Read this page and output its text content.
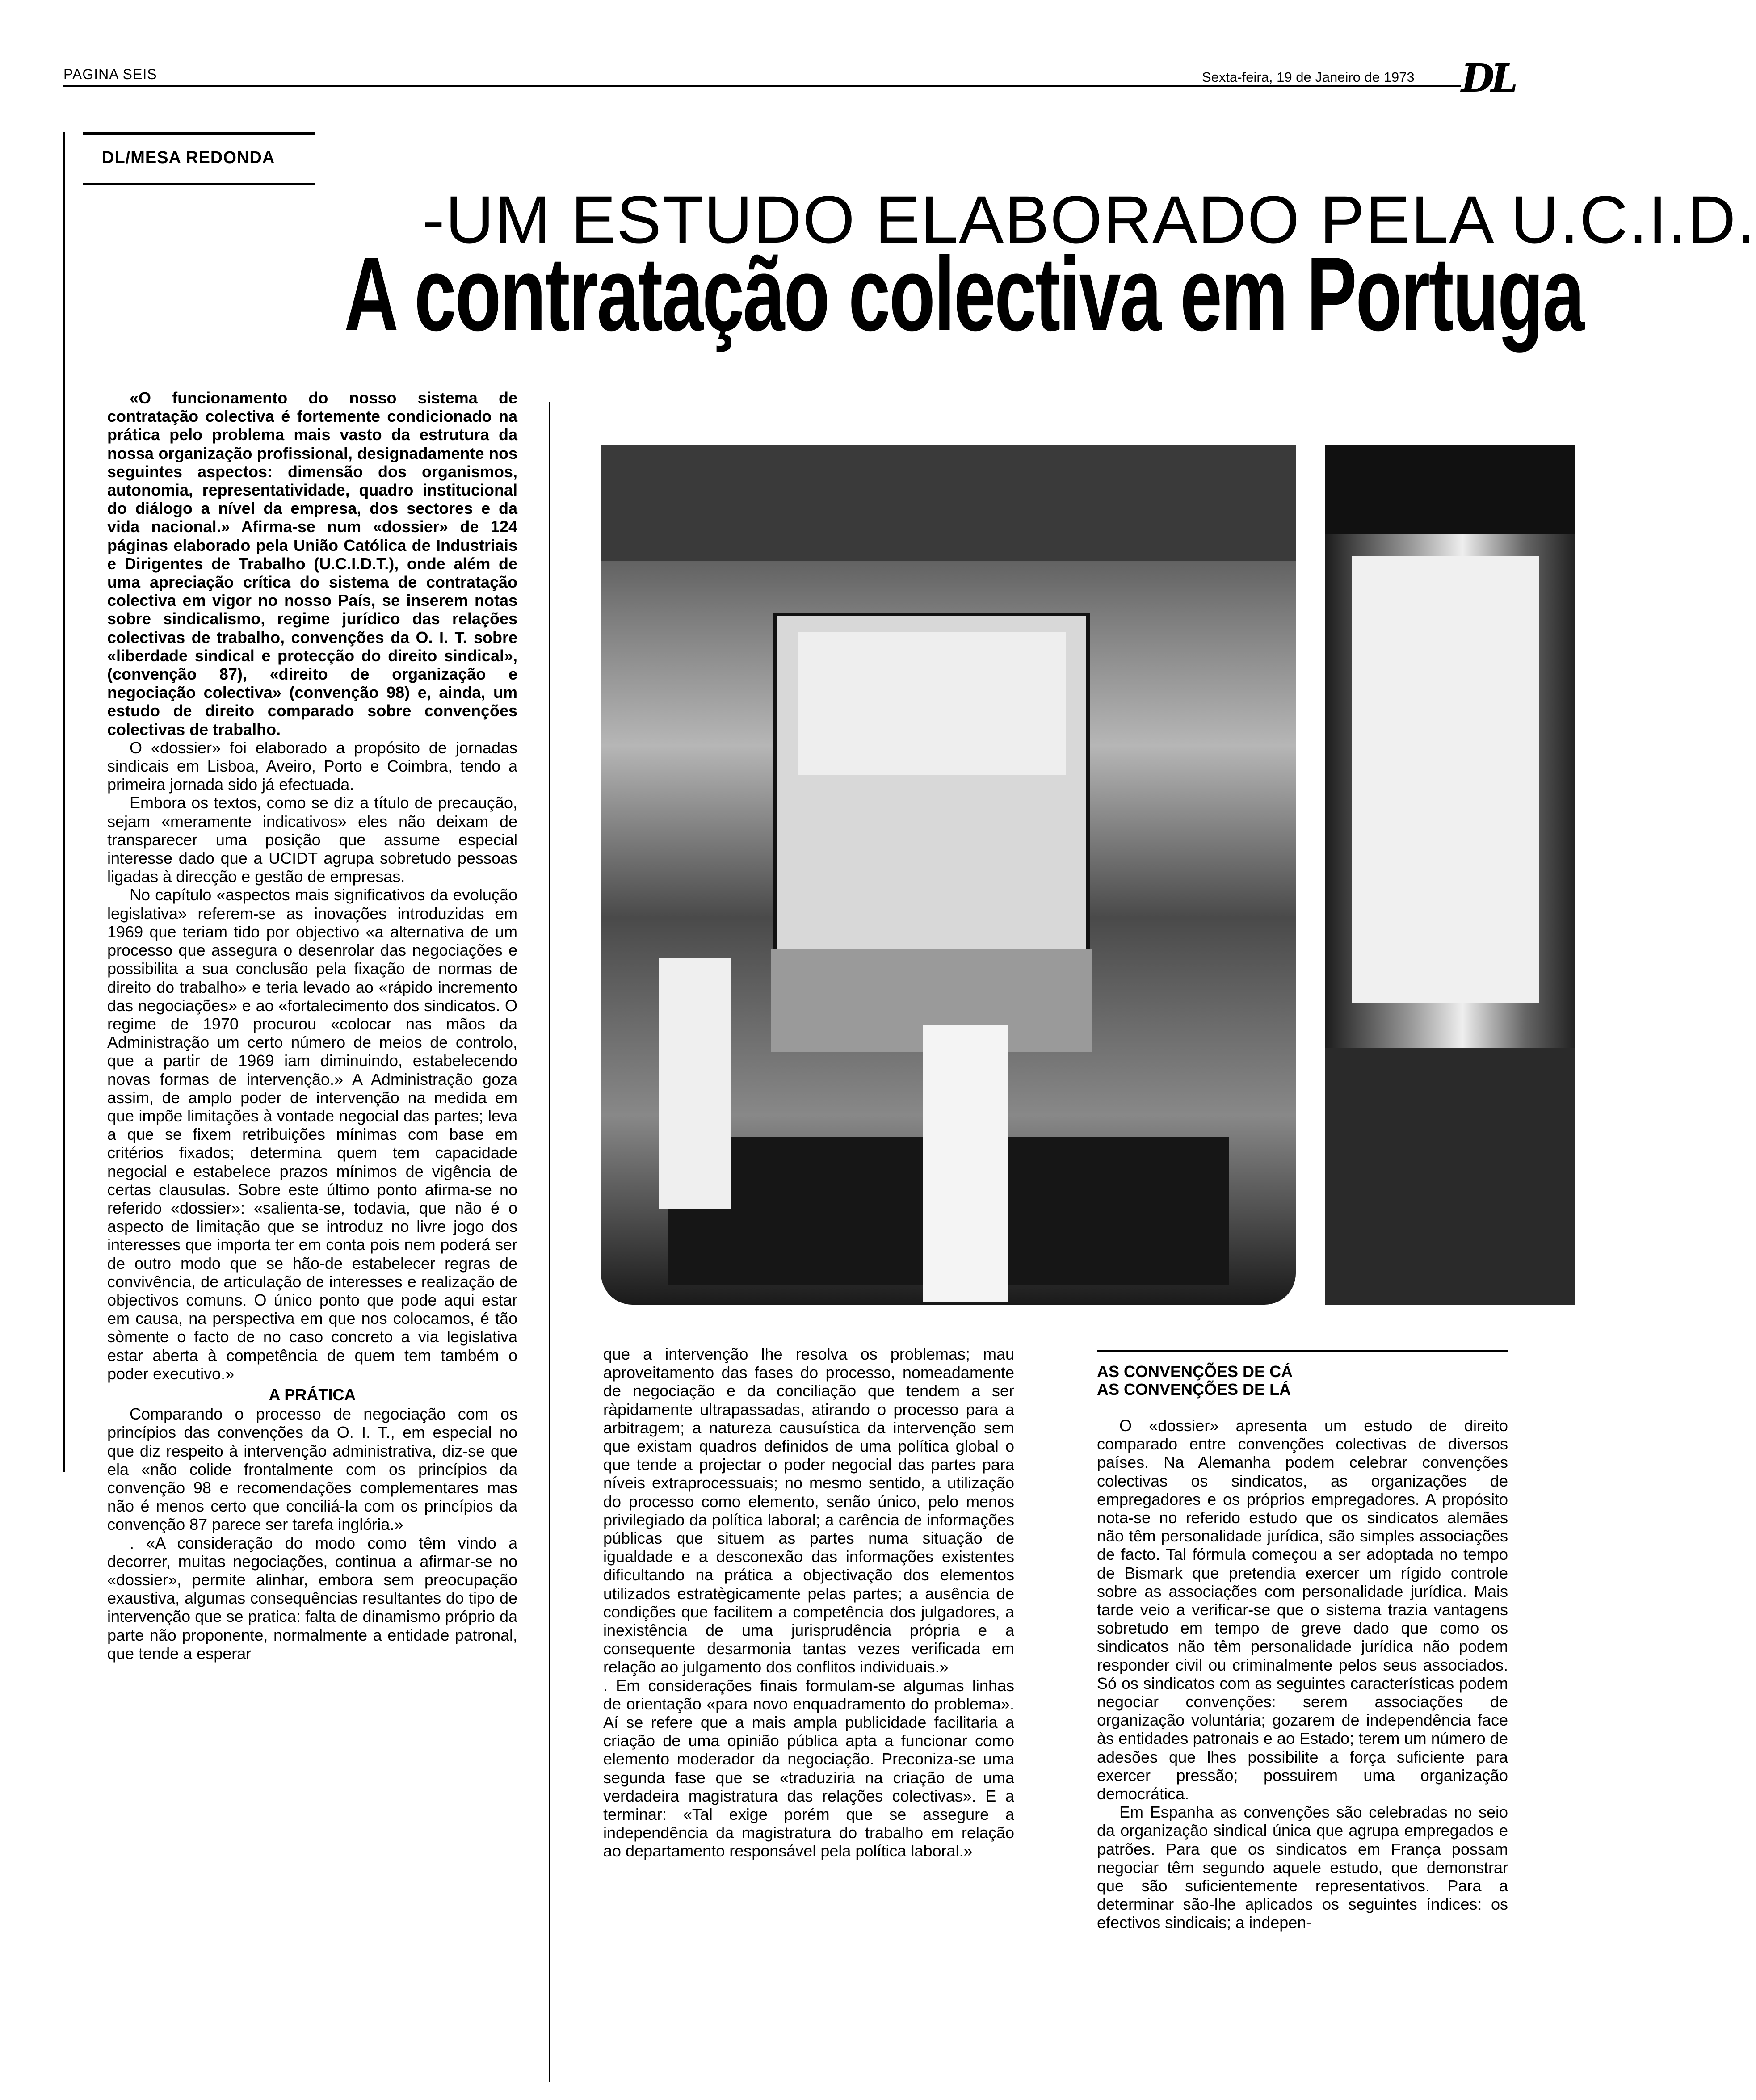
PAGINA SEIS	Sexta-feira, 19 de Janeiro de 1973 DL
DL/MESA REDONDA
-UM ESTUDO ELABORADO PELA U.C.I.D.
A contratação colectiva em Portuga

«O funcionamento do nosso sistema de contratação colectiva é fortemente condicionado na prática pelo problema mais vasto da estrutura da nossa organização profissional, designadamente nos seguintes aspectos: dimensão dos organismos, autonomia, representatividade, quadro institucional do diálogo a nível da empresa, dos sectores e da vida nacional.» Afirma-se num «dossier» de 124 páginas elaborado pela União Católica de Industriais e Dirigentes de Trabalho (U.C.I.D.T.), onde além de uma apreciação crítica do sistema de contratação colectiva em vigor no nosso País, se inserem notas sobre sindicalismo, regime jurídico das relações colectivas de trabalho, convenções da O. I. T. sobre «liberdade sindical e protecção do direito sindical», (convenção 87), «direito de organização e negociação colectiva» (convenção 98) e, ainda, um estudo de direito comparado sobre convenções colectivas de trabalho.

O «dossier» foi elaborado a propósito de jornadas sindicais em Lisboa, Aveiro, Porto e Coimbra, tendo a primeira jornada sido já efectuada.

Embora os textos, como se diz a título de precaução, sejam «meramente indicativos» eles não deixam de transparecer uma posição que assume especial interesse dado que a UCIDT agrupa sobretudo pessoas ligadas à direcção e gestão de empresas.

No capítulo «aspectos mais significativos da evolução legislativa» referem-se as inovações introduzidas em 1969 que teriam tido por objectivo «a alternativa de um processo que assegura o desenrolar das negociações e possibilita a sua conclusão pela fixação de normas de direito do trabalho» e teria levado ao «rápido incremento das negociações» e ao «fortalecimento dos sindicatos. O regime de 1970 procurou «colocar nas mãos da Administração um certo número de meios de controlo, que a partir de 1969 iam diminuindo, estabelecendo novas formas de intervenção.» A Administração goza assim, de amplo poder de intervenção na medida em que impõe limitações à vontade negocial das partes; leva a que se fixem retribuições mínimas com base em critérios fixados; determina quem tem capacidade negocial e estabelece prazos mínimos de vigência de certas clausulas. Sobre este último ponto afirma-se no referido «dossier»: «salienta-se, todavia, que não é o aspecto de limitação que se introduz no livre jogo dos interesses que importa ter em conta pois nem poderá ser de outro modo que se hão-de estabelecer regras de convivência, de articulação de interesses e realização de objectivos comuns. O único ponto que pode aqui estar em causa, na perspectiva em que nos colocamos, é tão sòmente o facto de no caso concreto a via legislativa estar aberta à competência de quem tem também o poder executivo.»

A PRÁTICA

Comparando o processo de negociação com os princípios das convenções da O. I. T., em especial no que diz respeito à intervenção administrativa, diz-se que ela «não colide frontalmente com os princípios da convenção 98 e recomendações complementares mas não é menos certo que conciliá-la com os princípios da convenção 87 parece ser tarefa inglória.»

. «A consideração do modo como têm vindo a decorrer, muitas negociações, continua a afirmar-se no «dossier», permite alinhar, embora sem preocupação exaustiva, algumas consequências resultantes do tipo de intervenção que se pratica: falta de dinamismo próprio da parte não proponente, normalmente a entidade patronal, que tende a esperar

que a intervenção lhe resolva os problemas; mau aproveitamento das fases do processo, nomeadamente de negociação e da conciliação que tendem a ser ràpidamente ultrapassadas, atirando o processo para a arbitragem; a natureza causuística da intervenção sem que existam quadros definidos de uma política global o que tende a projectar o poder negocial das partes para níveis extraprocessuais; no mesmo sentido, a utilização do processo como elemento, senão único, pelo menos privilegiado da política laboral; a carência de informações públicas que situem as partes numa situação de igualdade e a desconexão das informações existentes dificultando na prática a objectivação dos elementos utilizados estratègicamente pelas partes; a ausência de condições que facilitem a competência dos julgadores, a inexistência de uma jurisprudência própria e a consequente desarmonia tantas vezes verificada em relação ao julgamento dos conflitos individuais.»

. Em considerações finais formulam-se algumas linhas de orientação «para novo enquadramento do problema». Aí se refere que a mais ampla publicidade facilitaria a criação de uma opinião pública apta a funcionar como elemento moderador da negociação. Preconiza-se uma segunda fase que se «traduziria na criação de uma verdadeira magistratura das relações colectivas». E a terminar: «Tal exige porém que se assegure a independência da magistratura do trabalho em relação ao departamento responsável pela política laboral.»

AS CONVENÇÕES DE CÁ
AS CONVENÇÕES DE LÁ

O «dossier» apresenta um estudo de direito comparado entre convenções colectivas de diversos países. Na Alemanha podem celebrar convenções colectivas os sindicatos, as organizações de empregadores e os próprios empregadores. A propósito nota-se no referido estudo que os sindicatos alemães não têm personalidade jurídica, são simples associações de facto. Tal fórmula começou a ser adoptada no tempo de Bismark que pretendia exercer um rígido controle sobre as associações com personalidade jurídica. Mais tarde veio a verificar-se que o sistema trazia vantagens sobretudo em tempo de greve dado que como os sindicatos não têm personalidade jurídica não podem responder civil ou criminalmente pelos seus associados. Só os sindicatos com as seguintes características podem negociar convenções: serem associações de organização voluntária; gozarem de independência face às entidades patronais e ao Estado; terem um número de adesões que lhes possibilite a força suficiente para exercer pressão; possuirem uma organização democrática.

Em Espanha as convenções são celebradas no seio da organização sindical única que agrupa empregados e patrões. Para que os sindicatos em França possam negociar têm segundo aquele estudo, que demonstrar que são suficientemente representativos. Para a determinar são-lhe aplicados os seguintes índices: os efectivos sindicais; a indepen-
